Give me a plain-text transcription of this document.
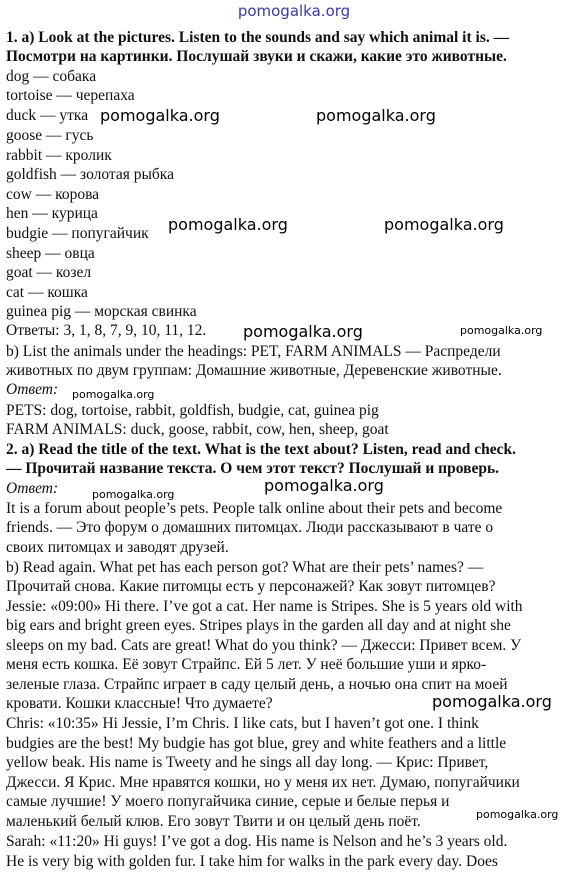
pomogalka.org
1. a) Look at the pictures. Listen to the sounds and say which animal it is. —
Посмотри на картинки. Послушай звуки и скажи, какие это животные.
dog — собака
tortoise — черепаха
duck — утка
goose — гусь
rabbit — кролик
goldfish — золотая рыбка
cow — корова
hen — курица
budgie — попугайчик
sheep — овца
goat — козел
cat — кошка
guinea pig — морская свинка
Ответы: 3, 1, 8, 7, 9, 10, 11, 12.
b) List the animals under the headings: PET, FARM ANIMALS — Распредели
животных по двум группам: Домашние животные, Деревенские животные.
Ответ:
PETS: dog, tortoise, rabbit, goldfish, budgie, cat, guinea pig
FARM ANIMALS: duck, goose, rabbit, cow, hen, sheep, goat
2. a) Read the title of the text. What is the text about? Listen, read and check.
— Прочитай название текста. О чем этот текст? Послушай и проверь.
Ответ:
It is a forum about people’s pets. People talk online about their pets and become
friends. — Это форум о домашних питомцах. Люди рассказывают в чате о
своих питомцах и заводят друзей.
b) Read again. What pet has each person got? What are their pets’ names? —
Прочитай снова. Какие питомцы есть у персонажей? Как зовут питомцев?
Jessie: «09:00» Hi there. I’ve got a cat. Her name is Stripes. She is 5 years old with
big ears and bright green eyes. Stripes plays in the garden all day and at night she
sleeps on my bad. Cats are great! What do you think? — Джесси: Привет всем. У
меня есть кошка. Её зовут Страйпс. Ей 5 лет. У неё большие уши и ярко-
зеленые глаза. Страйпс играет в саду целый день, а ночью она спит на моей
кровати. Кошки классные! Что думаете?
Chris: «10:35» Hi Jessie, I’m Chris. I like cats, but I haven’t got one. I think
budgies are the best! My budgie has got blue, grey and white feathers and a little
yellow beak. His name is Tweety and he sings all day long. — Крис: Привет,
Джесси. Я Крис. Мне нравятся кошки, но у меня их нет. Думаю, попугайчики
самые лучшие! У моего попугайчика синие, серые и белые перья и
маленький белый клюв. Его зовут Твити и он целый день поёт.
Sarah: «11:20» Hi guys! I’ve got a dog. His name is Nelson and he’s 3 years old.
He is very big with golden fur. I take him for walks in the park every day. Does
pomogalka.org	pomogalka.org
pomogalka.org	pomogalka.org
pomogalka.org	pomogalka.org
pomogalka.org
pomogalka.org	pomogalka.org
pomogalka.org
pomogalka.org
